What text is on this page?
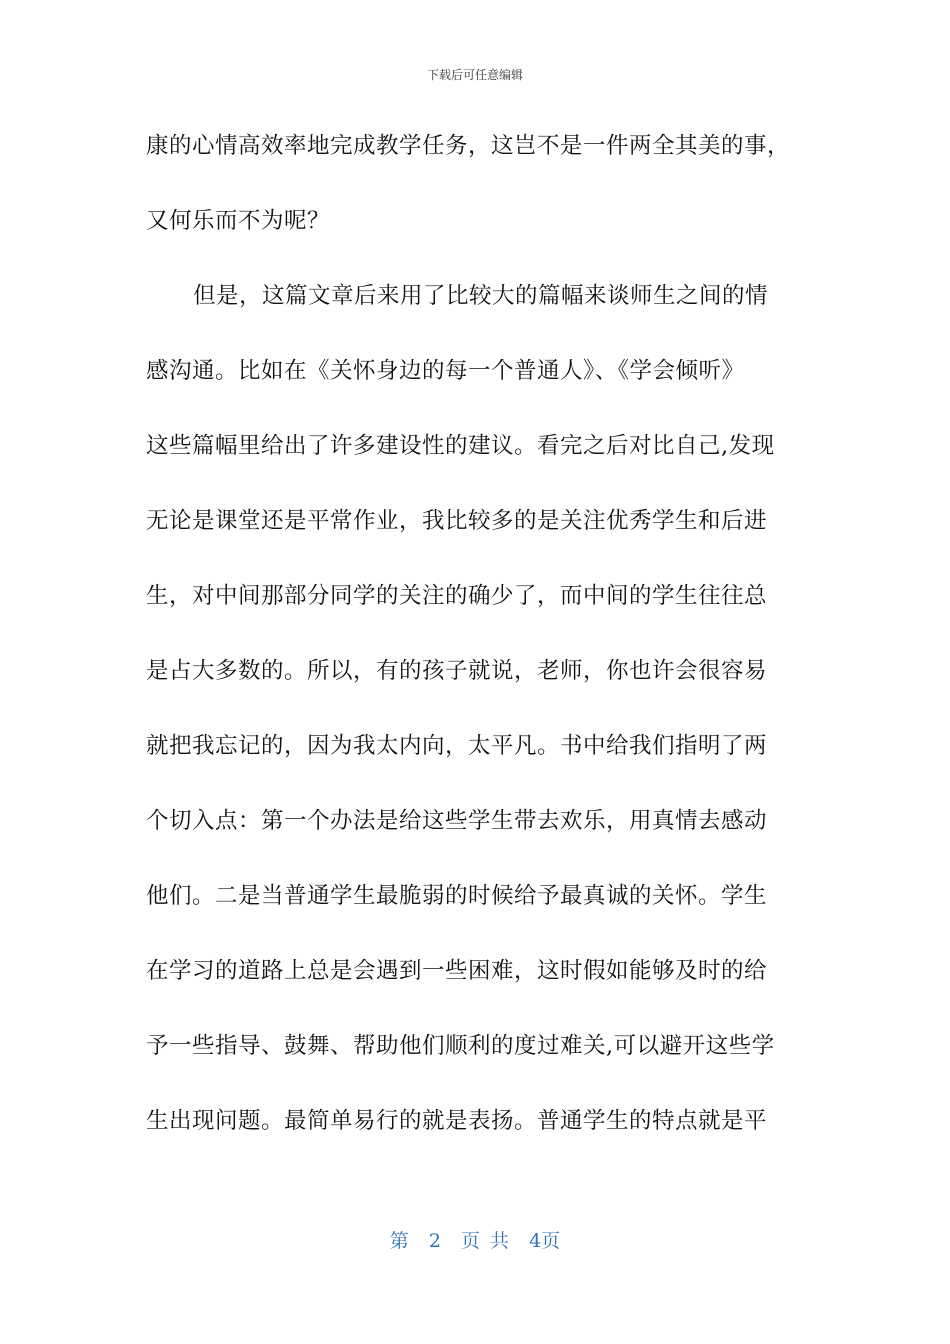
下载后可任意编辑
康的心情高效率地完成教学任务，这岂不是一件两全其美的事，
又何乐而不为呢？
但是，这篇文章后来用了比较大的篇幅来谈师生之间的情
感沟通。比如在《关怀身边的每一个普通人》、《学会倾听》
这些篇幅里给出了许多建设性的建议。看完之后对比自己,发现
无论是课堂还是平常作业，我比较多的是关注优秀学生和后进
生，对中间那部分同学的关注的确少了，而中间的学生往往总
是占大多数的。所以，有的孩子就说，老师，你也许会很容易
就把我忘记的，因为我太内向，太平凡。书中给我们指明了两
个切入点：第一个办法是给这些学生带去欢乐，用真情去感动
他们。二是当普通学生最脆弱的时候给予最真诚的关怀。学生
在学习的道路上总是会遇到一些困难，这时假如能够及时的给
予一些指导、鼓舞、帮助他们顺利的度过难关,可以避开这些学
生出现问题。最简单易行的就是表扬。普通学生的特点就是平
第 2 页 共 4页
